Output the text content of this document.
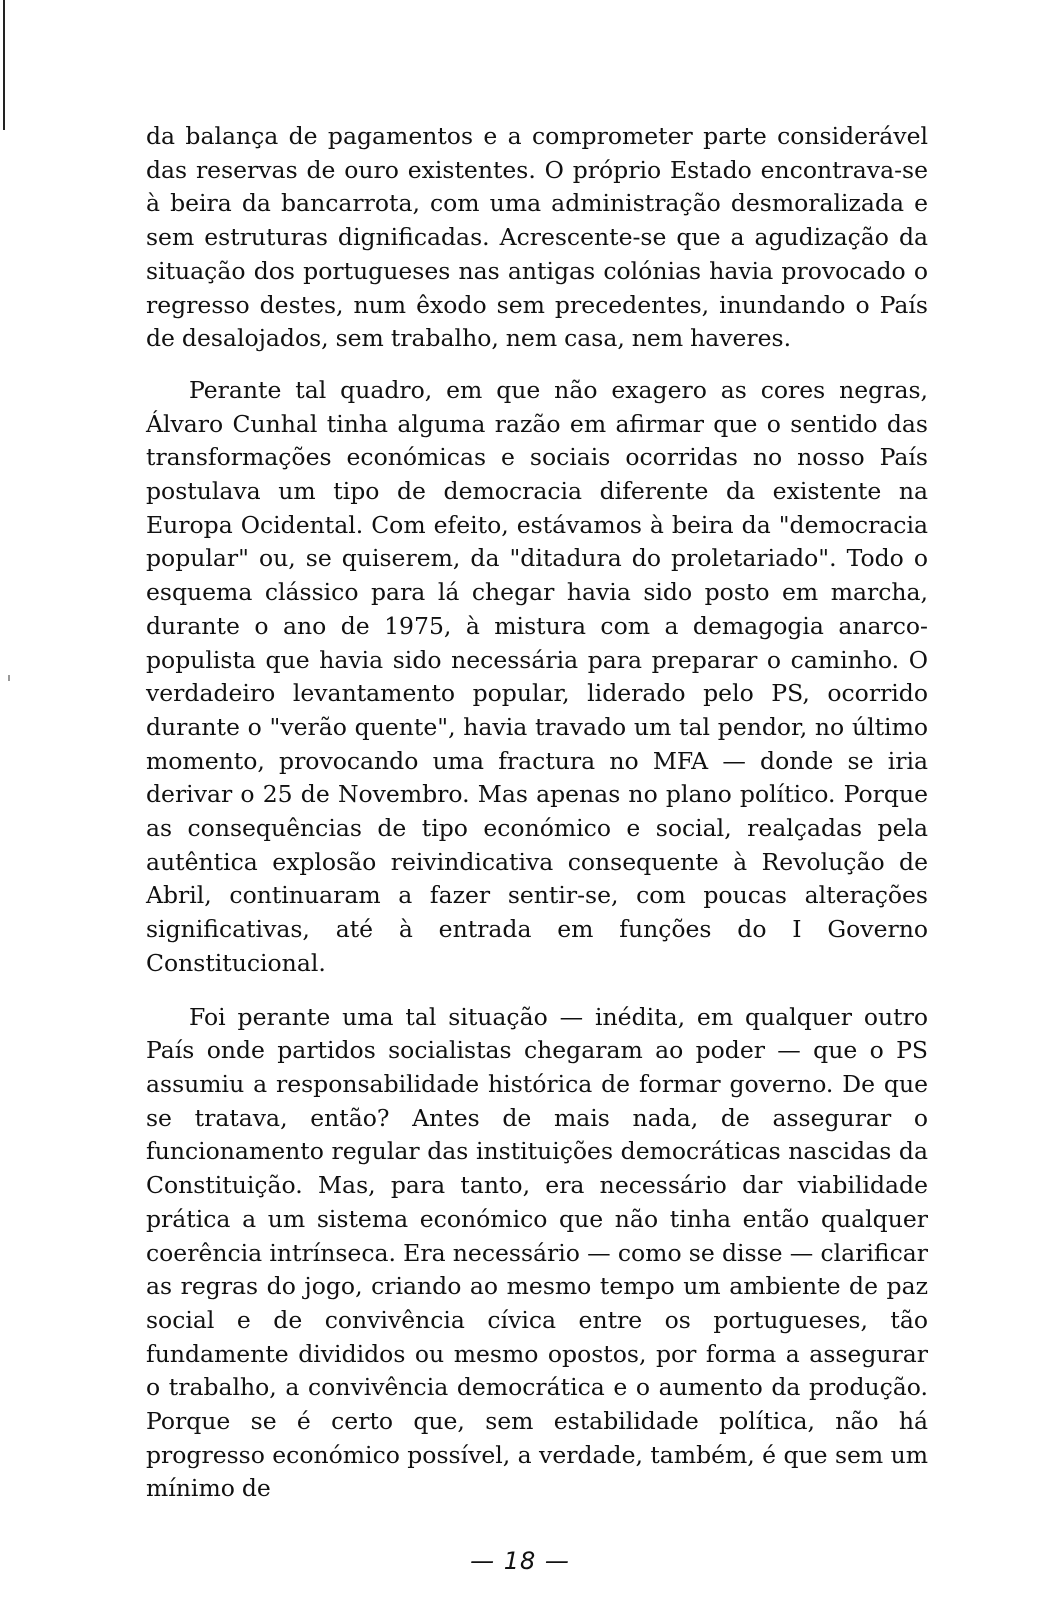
da balança de pagamentos e a comprometer parte considerável das reservas de ouro existentes. O próprio Estado encontrava-se à beira da bancarrota, com uma administração desmoralizada e sem estruturas dignificadas. Acrescente-se que a agudização da situação dos portugueses nas antigas colónias havia provocado o regresso destes, num êxodo sem precedentes, inundando o País de desalojados, sem trabalho, nem casa, nem haveres.

Perante tal quadro, em que não exagero as cores negras, Álvaro Cunhal tinha alguma razão em afirmar que o sentido das transformações económicas e sociais ocorridas no nosso País postulava um tipo de democracia diferente da existente na Europa Ocidental. Com efeito, estávamos à beira da "democracia popular" ou, se quiserem, da "ditadura do proletariado". Todo o esquema clássico para lá chegar havia sido posto em marcha, durante o ano de 1975, à mistura com a demagogia anarco-populista que havia sido necessária para preparar o caminho. O verdadeiro levantamento popular, liderado pelo PS, ocorrido durante o "verão quente", havia travado um tal pendor, no último momento, provocando uma fractura no MFA — donde se iria derivar o 25 de Novembro. Mas apenas no plano político. Porque as consequências de tipo económico e social, realçadas pela autêntica explosão reivindicativa consequente à Revolução de Abril, continuaram a fazer sentir-se, com poucas alterações significativas, até à entrada em funções do I Governo Constitucional.

Foi perante uma tal situação — inédita, em qualquer outro País onde partidos socialistas chegaram ao poder — que o PS assumiu a responsabilidade histórica de formar governo. De que se tratava, então? Antes de mais nada, de assegurar o funcionamento regular das instituições democráticas nascidas da Constituição. Mas, para tanto, era necessário dar viabilidade prática a um sistema económico que não tinha então qualquer coerência intrínseca. Era necessário — como se disse — clarificar as regras do jogo, criando ao mesmo tempo um ambiente de paz social e de convivência cívica entre os portugueses, tão fundamente divididos ou mesmo opostos, por forma a assegurar o trabalho, a convivência democrática e o aumento da produção. Porque se é certo que, sem estabilidade política, não há progresso económico possível, a verdade, também, é que sem um mínimo de

— 18 —
